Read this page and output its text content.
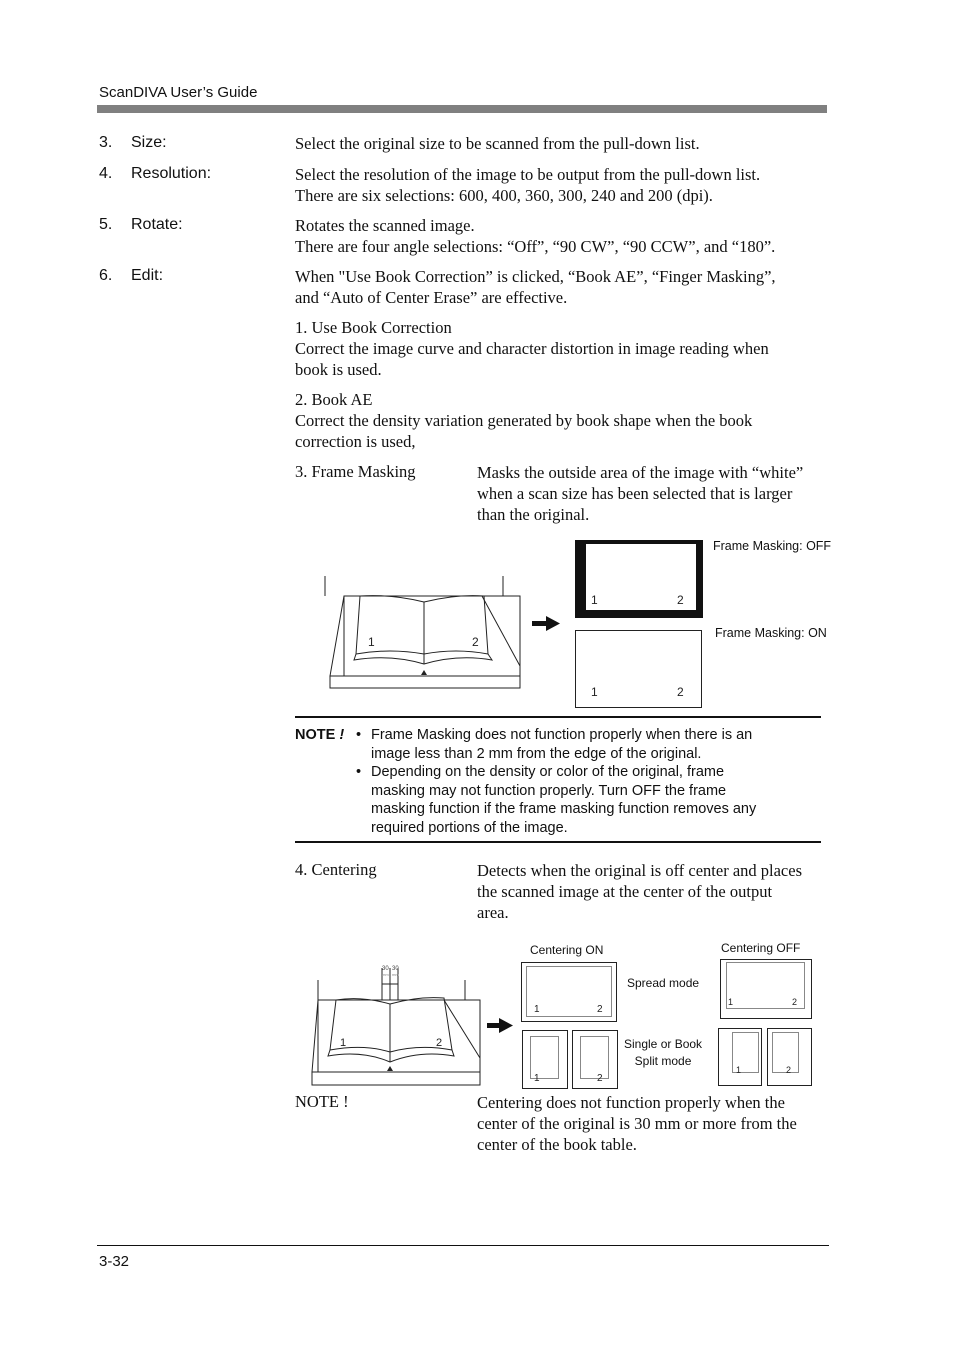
ScanDIVA User’s Guide
3. Size:	Select the original size to be scanned from the pull-down list.
4. Resolution:	Select the resolution of the image to be output from the pull-down list.
There are six selections: 600, 400, 360, 300, 240 and 200 (dpi).
5. Rotate:	Rotates the scanned image.
There are four angle selections: “Off”, “90 CW”, “90 CCW”, and “180”.
6. Edit:	When "Use Book Correction” is clicked, “Book AE”, “Finger Masking”,
and “Auto of Center Erase” are effective.
1. Use Book Correction
Correct the image curve and character distortion in image reading when
book is used.
2. Book AE
Correct the density variation generated by book shape when the book
correction is used,
3. Frame Masking	Masks the outside area of the image with “white”
when a scan size has been selected that is larger
than the original.
1	2
1	2
1	2
Frame Masking: OFF
Frame Masking: ON
NOTE ! • Frame Masking does not function properly when there is an
image less than 2 mm from the edge of the original.
• Depending on the density or color of the original, frame
masking may not function properly. Turn OFF the frame
masking function if the frame masking function removes any
required portions of the image.
4. Centering	Detects when the original is off center and places
the scanned image at the center of the output
area.
30 30
mm mm
1	2
1	2
1	2
1	2
1	2
Centering ON	Centering OFF
Spread mode
Single or Book
Split mode
NOTE !	Centering does not function properly when the
center of the original is 30 mm or more from the
center of the book table.
3-32
